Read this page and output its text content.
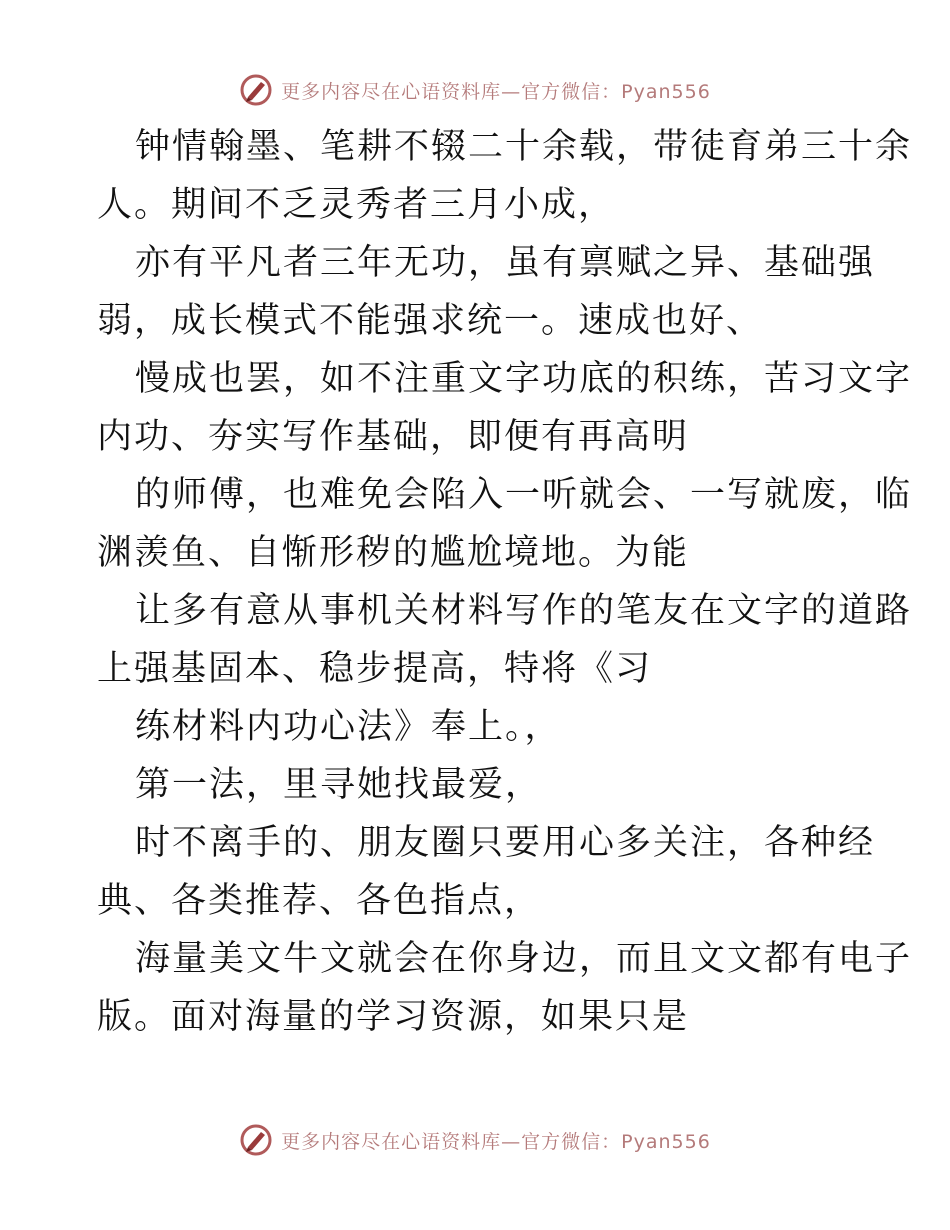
更多内容尽在心语资料库—官方微信：Pyan556
钟情翰墨、笔耕不辍二十余载，带徒育弟三十余
人。期间不乏灵秀者三月小成，
亦有平凡者三年无功，虽有禀赋之异、基础强
弱，成长模式不能强求统一。速成也好、
慢成也罢，如不注重文字功底的积练，苦习文字
内功、夯实写作基础，即便有再高明
的师傅，也难免会陷入一听就会、一写就废，临
渊羡鱼、自惭形秽的尴尬境地。为能
让多有意从事机关材料写作的笔友在文字的道路
上强基固本、稳步提高，特将《习
练材料内功心法》奉上。，
第一法，里寻她找最爱，
时不离手的、朋友圈只要用心多关注，各种经
典、各类推荐、各色指点，
海量美文牛文就会在你身边，而且文文都有电子
版。面对海量的学习资源，如果只是
更多内容尽在心语资料库—官方微信：Pyan556
